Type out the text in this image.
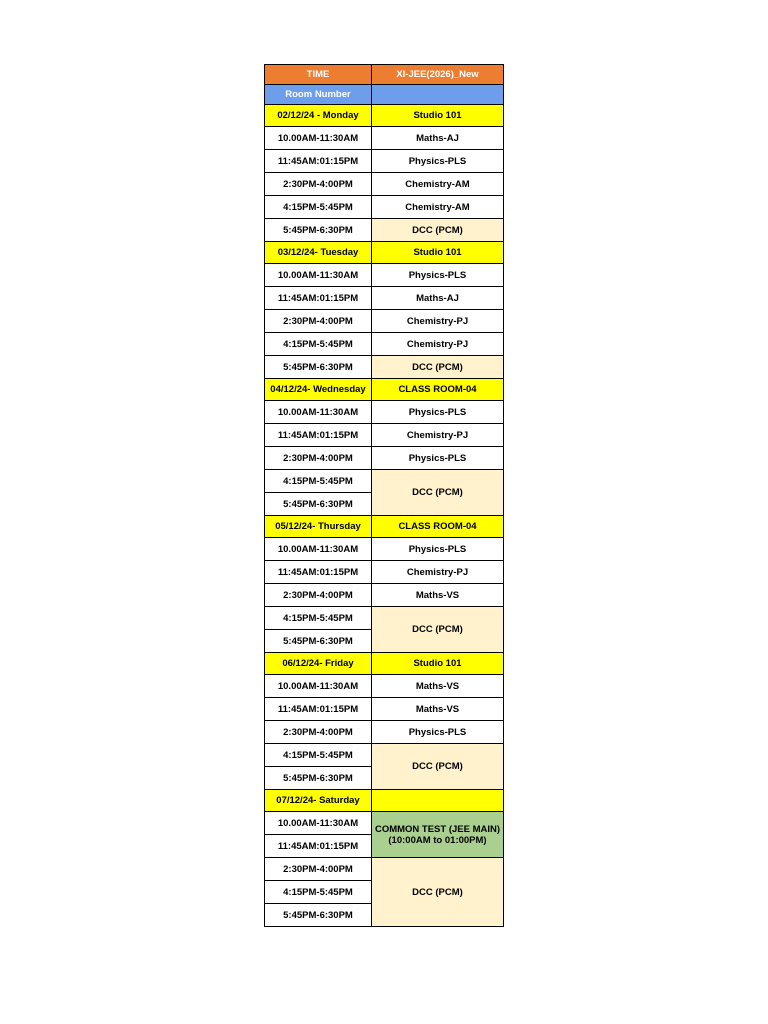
TIME	XI-JEE(2026)_New
Room Number	
02/12/24 - Monday	Studio 101
10.00AM-11:30AM	Maths-AJ
11:45AM:01:15PM	Physics-PLS
2:30PM-4:00PM	Chemistry-AM
4:15PM-5:45PM	Chemistry-AM
5:45PM-6:30PM	DCC (PCM)
03/12/24- Tuesday	Studio 101
10.00AM-11:30AM	Physics-PLS
11:45AM:01:15PM	Maths-AJ
2:30PM-4:00PM	Chemistry-PJ
4:15PM-5:45PM	Chemistry-PJ
5:45PM-6:30PM	DCC (PCM)
04/12/24- Wednesday	CLASS ROOM-04
10.00AM-11:30AM	Physics-PLS
11:45AM:01:15PM	Chemistry-PJ
2:30PM-4:00PM	Physics-PLS
4:15PM-5:45PM	DCC (PCM)
5:45PM-6:30PM	
05/12/24- Thursday	CLASS ROOM-04
10.00AM-11:30AM	Physics-PLS
11:45AM:01:15PM	Chemistry-PJ
2:30PM-4:00PM	Maths-VS
4:15PM-5:45PM	DCC (PCM)
5:45PM-6:30PM	
06/12/24- Friday	Studio 101
10.00AM-11:30AM	Maths-VS
11:45AM:01:15PM	Maths-VS
2:30PM-4:00PM	Physics-PLS
4:15PM-5:45PM	DCC (PCM)
5:45PM-6:30PM	
07/12/24- Saturday	
10.00AM-11:30AM	COMMON TEST (JEE MAIN) (10:00AM to 01:00PM)
11:45AM:01:15PM	
2:30PM-4:00PM	DCC (PCM)
4:15PM-5:45PM	
5:45PM-6:30PM	
